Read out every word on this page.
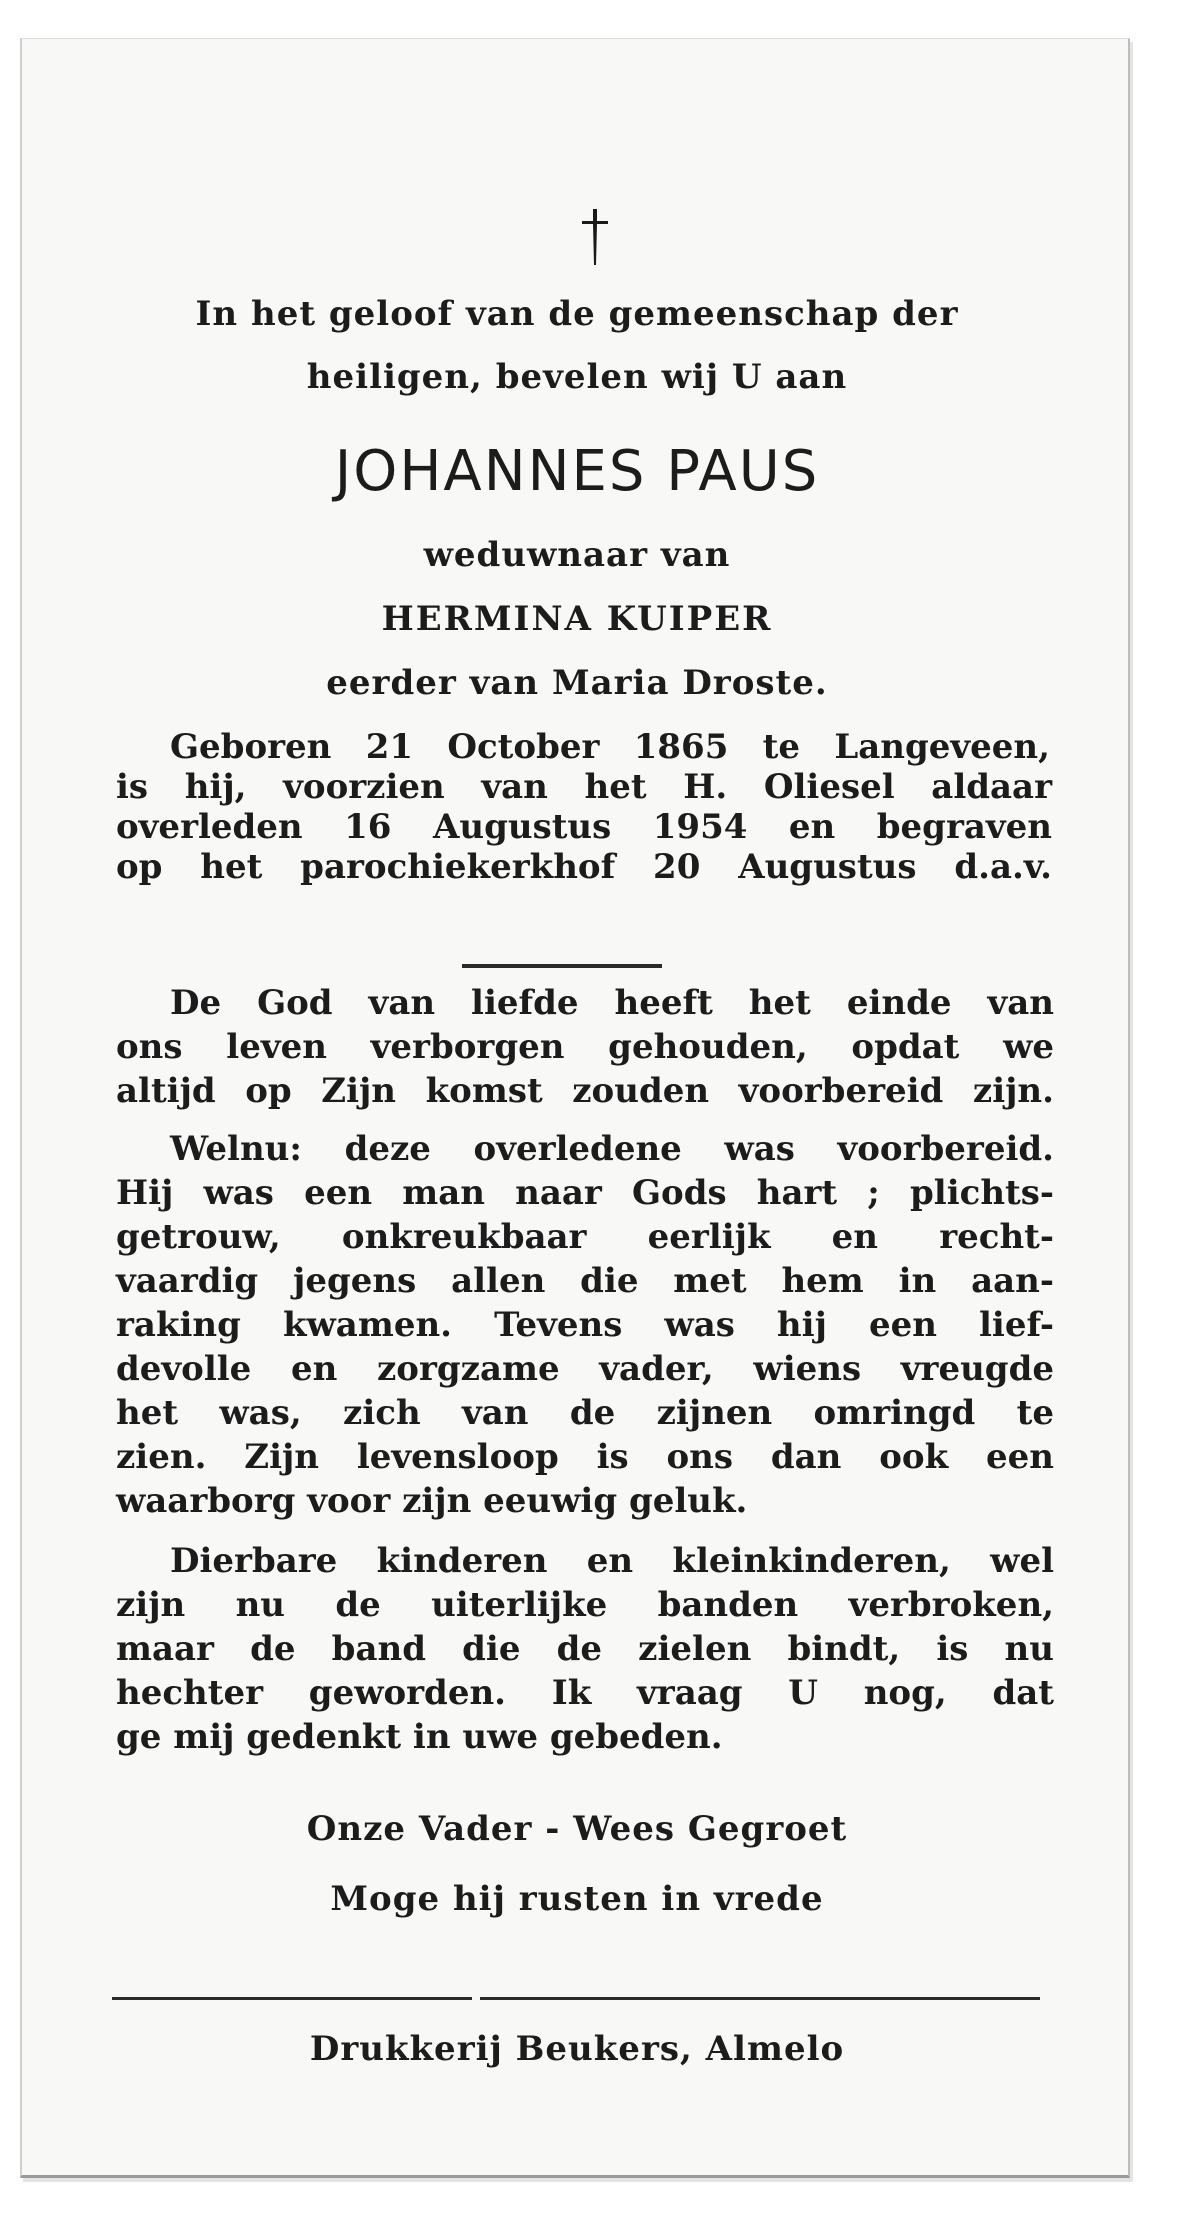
In het geloof van de gemeenschap der
heiligen, bevelen wij U aan
JOHANNES PAUS
weduwnaar van
HERMINA KUIPER
eerder van Maria Droste.
Geboren 21 October 1865 te Langeveen,
is hij, voorzien van het H. Oliesel aldaar
overleden 16 Augustus 1954 en begraven
op het parochiekerkhof 20 Augustus d.a.v.
De God van liefde heeft het einde van
ons leven verborgen gehouden, opdat we
altijd op Zijn komst zouden voorbereid zijn.
Welnu: deze overledene was voorbereid.
Hij was een man naar Gods hart ; plichts-
getrouw, onkreukbaar eerlijk en recht-
vaardig jegens allen die met hem in aan-
raking kwamen. Tevens was hij een lief-
devolle en zorgzame vader, wiens vreugde
het was, zich van de zijnen omringd te
zien. Zijn levensloop is ons dan ook een
waarborg voor zijn eeuwig geluk.
Dierbare kinderen en kleinkinderen, wel
zijn nu de uiterlijke banden verbroken,
maar de band die de zielen bindt, is nu
hechter geworden. Ik vraag U nog, dat
ge mij gedenkt in uwe gebeden.
Onze Vader - Wees Gegroet
Moge hij rusten in vrede
Drukkerij Beukers, Almelo
